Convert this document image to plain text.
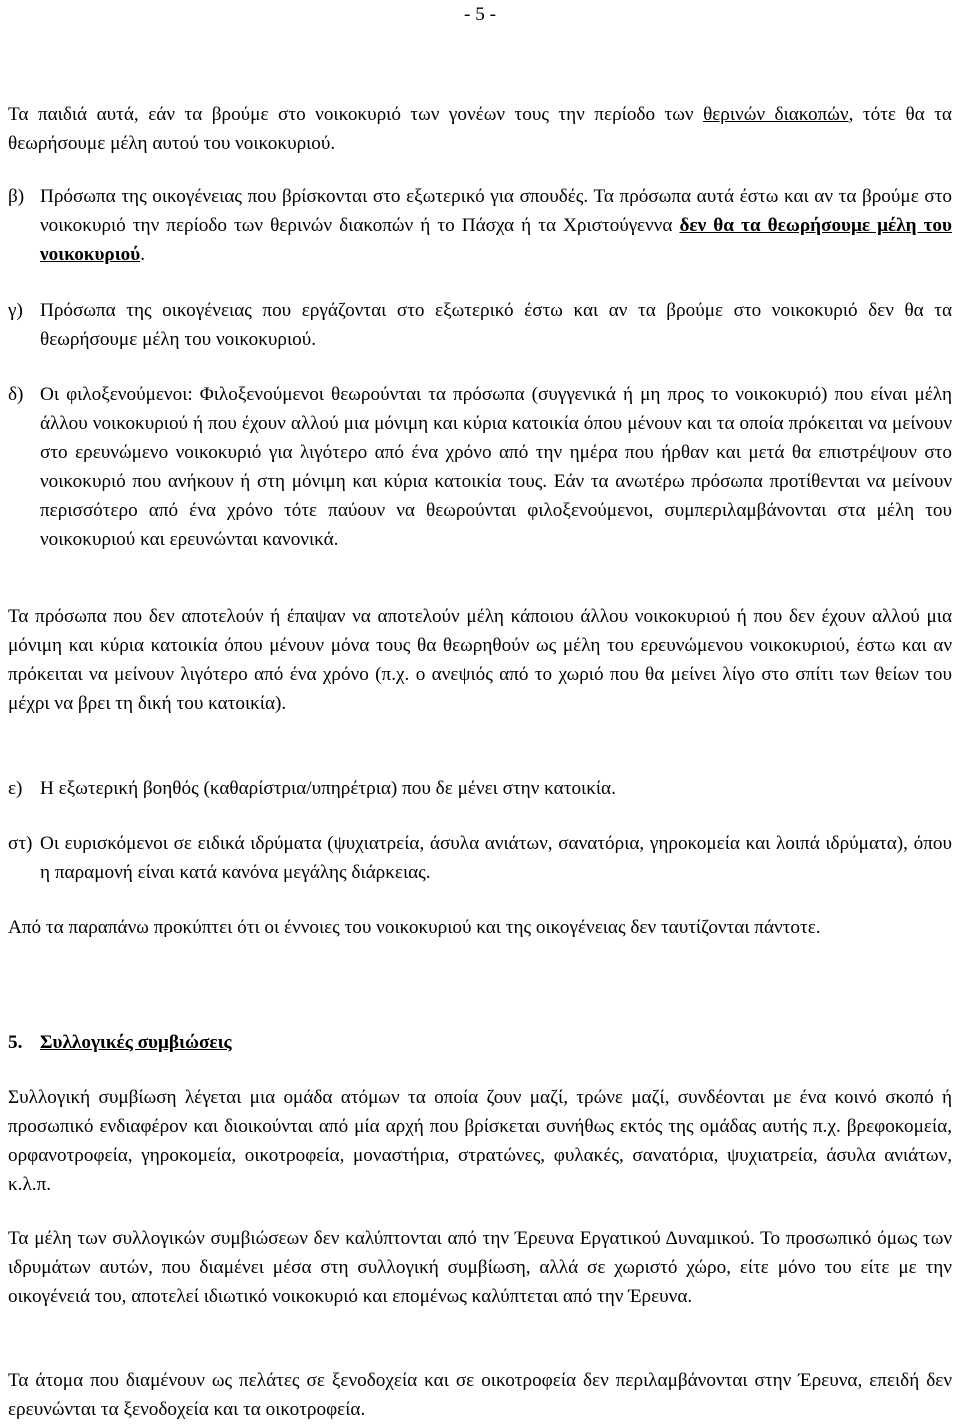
- 5 -

Τα παιδιά αυτά, εάν τα βρούμε στο νοικοκυριό των γονέων τους την περίοδο των θερινών διακοπών, τότε θα τα θεωρήσουμε μέλη αυτού του νοικοκυριού.

β) Πρόσωπα της οικογένειας που βρίσκονται στο εξωτερικό για σπουδές. Τα πρόσωπα αυτά έστω και αν τα βρούμε στο νοικοκυριό την περίοδο των θερινών διακοπών ή το Πάσχα ή τα Χριστούγεννα δεν θα τα θεωρήσουμε μέλη του νοικοκυριού.
γ) Πρόσωπα της οικογένειας που εργάζονται στο εξωτερικό έστω και αν τα βρούμε στο νοικοκυριό δεν θα τα θεωρήσουμε μέλη του νοικοκυριού.
δ) Οι φιλοξενούμενοι: Φιλοξενούμενοι θεωρούνται τα πρόσωπα (συγγενικά ή μη προς το νοικοκυριό) που είναι μέλη άλλου νοικοκυριού ή που έχουν αλλού μια μόνιμη και κύρια κατοικία όπου μένουν και τα οποία πρόκειται να μείνουν στο ερευνώμενο νοικοκυριό για λιγότερο από ένα χρόνο από την ημέρα που ήρθαν και μετά θα επιστρέψουν στο νοικοκυριό που ανήκουν ή στη μόνιμη και κύρια κατοικία τους. Εάν τα ανωτέρω πρόσωπα προτίθενται να μείνουν περισσότερο από ένα χρόνο τότε παύουν να θεωρούνται φιλοξενούμενοι, συμπεριλαμβάνονται στα μέλη του νοικοκυριού και ερευνώνται κανονικά.

Τα πρόσωπα που δεν αποτελούν ή έπαψαν να αποτελούν μέλη κάποιου άλλου νοικοκυριού ή που δεν έχουν αλλού μια μόνιμη και κύρια κατοικία όπου μένουν μόνα τους θα θεωρηθούν ως μέλη του ερευνώμενου νοικοκυριού, έστω και αν πρόκειται να μείνουν λιγότερο από ένα χρόνο (π.χ. ο ανεψιός από το χωριό που θα μείνει λίγο στο σπίτι των θείων του μέχρι να βρει τη δική του κατοικία).

ε) Η εξωτερική βοηθός (καθαρίστρια/υπηρέτρια) που δε μένει στην κατοικία.
στ) Οι ευρισκόμενοι σε ειδικά ιδρύματα (ψυχιατρεία, άσυλα ανιάτων, σανατόρια, γηροκομεία και λοιπά ιδρύματα), όπου η παραμονή είναι κατά κανόνα μεγάλης διάρκειας.

Από τα παραπάνω προκύπτει ότι οι έννοιες του νοικοκυριού και της οικογένειας δεν ταυτίζονται πάντοτε.

5. Συλλογικές συμβιώσεις

Συλλογική συμβίωση λέγεται μια ομάδα ατόμων τα οποία ζουν μαζί, τρώνε μαζί, συνδέονται με ένα κοινό σκοπό ή προσωπικό ενδιαφέρον και διοικούνται από μία αρχή που βρίσκεται συνήθως εκτός της ομάδας αυτής π.χ. βρεφοκομεία, ορφανοτροφεία, γηροκομεία, οικοτροφεία, μοναστήρια, στρατώνες, φυλακές, σανατόρια, ψυχιατρεία, άσυλα ανιάτων, κ.λ.π.

Τα μέλη των συλλογικών συμβιώσεων δεν καλύπτονται από την Έρευνα Εργατικού Δυναμικού. Το προσωπικό όμως των ιδρυμάτων αυτών, που διαμένει μέσα στη συλλογική συμβίωση, αλλά σε χωριστό χώρο, είτε μόνο του είτε με την οικογένειά του, αποτελεί ιδιωτικό νοικοκυριό και επομένως καλύπτεται από την Έρευνα.

Τα άτομα που διαμένουν ως πελάτες σε ξενοδοχεία και σε οικοτροφεία δεν περιλαμβάνονται στην Έρευνα, επειδή δεν ερευνώνται τα ξενοδοχεία και τα οικοτροφεία.
